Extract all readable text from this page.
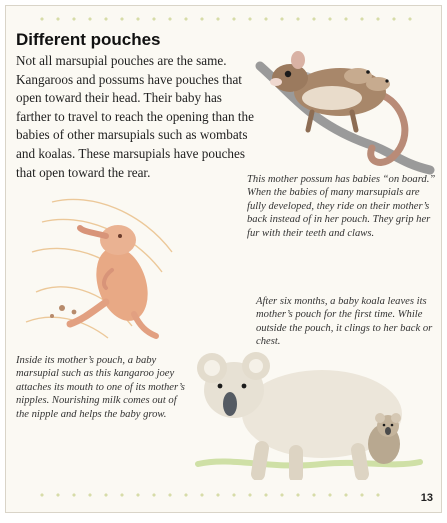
Different pouches

Not all marsupial pouches are the same. Kangaroos and possums have pouches that open toward their head. Their baby has farther to travel to reach the opening than the babies of other marsupials such as wombats and koalas. These marsupials have pouches that open toward the rear.	This mother possum has babies “on board.” When the babies of many marsupials are fully developed, they ride on their mother’s back instead of in her pouch. They grip her fur with their teeth and claws.

After six months, a baby koala leaves its mother’s pouch for the first time. While outside the pouch, it clings to her back or chest.

Inside its mother’s pouch, a baby marsupial such as this kangaroo joey attaches its mouth to one of its mother’s nipples. Nourishing milk comes out of the nipple and helps the baby grow.

13
